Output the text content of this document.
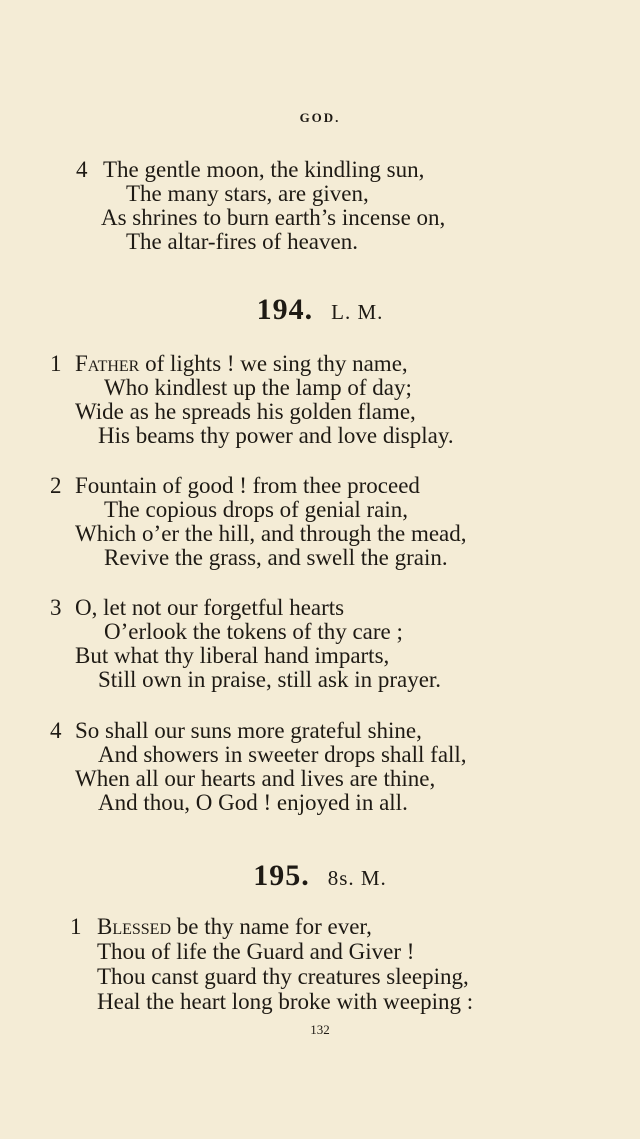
GOD.
4 The gentle moon, the kindling sun,
The many stars, are given,
As shrines to burn earth’s incense on,
The altar-fires of heaven.
194. L. M.
1 Father of lights ! we sing thy name,
Who kindlest up the lamp of day;
Wide as he spreads his golden flame,
His beams thy power and love display.
2 Fountain of good ! from thee proceed
The copious drops of genial rain,
Which o’er the hill, and through the mead,
Revive the grass, and swell the grain.
3 O, let not our forgetful hearts
O’erlook the tokens of thy care ;
But what thy liberal hand imparts,
Still own in praise, still ask in prayer.
4 So shall our suns more grateful shine,
And showers in sweeter drops shall fall,
When all our hearts and lives are thine,
And thou, O God ! enjoyed in all.
195. 8s. M.
1 Blessed be thy name for ever,
Thou of life the Guard and Giver !
Thou canst guard thy creatures sleeping,
Heal the heart long broke with weeping :
132
